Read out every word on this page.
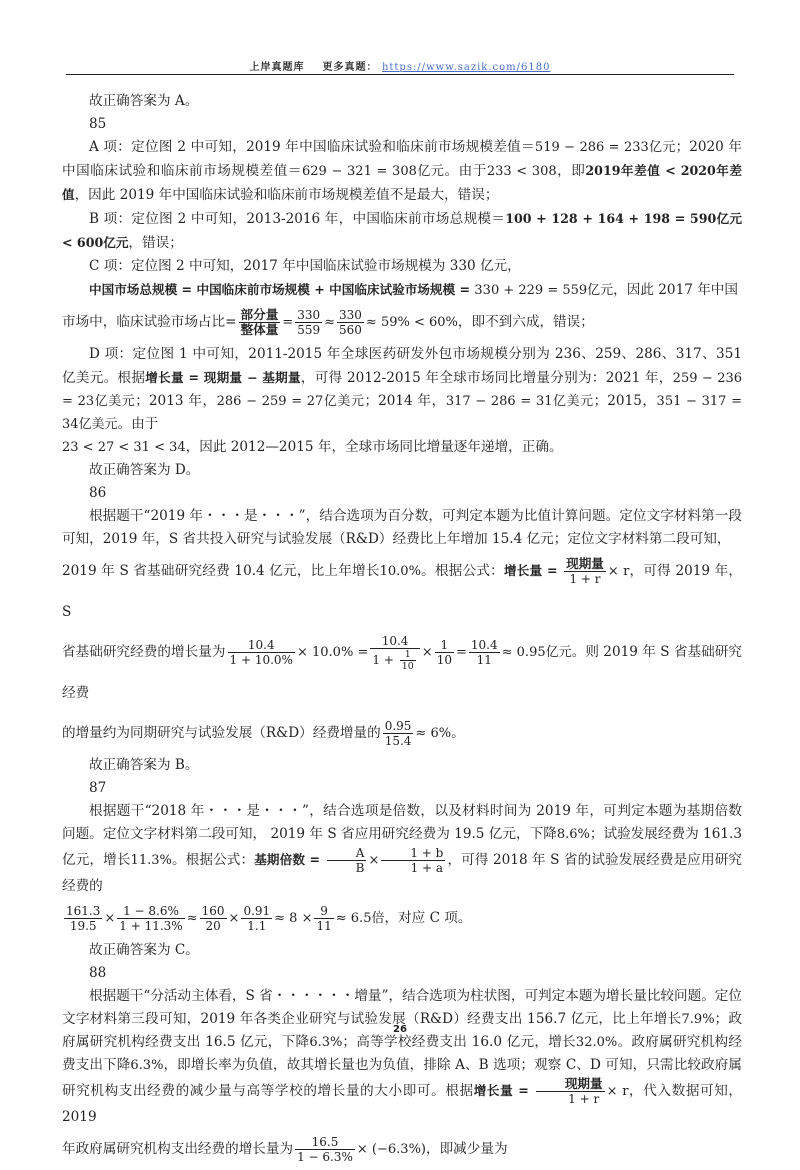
上岸真题库 更多真题： https://www.sazik.com/6180

故正确答案为 A。

85

A 项：定位图 2 中可知，2019 年中国临床试验和临床前市场规模差值＝519 − 286 = 233亿元；2020 年中国临床试验和临床前市场规模差值＝629 − 321 = 308亿元。由于233 < 308，即2019年差值 < 2020年差值，因此 2019 年中国临床试验和临床前市场规模差值不是最大，错误；

B 项：定位图 2 中可知，2013-2016 年，中国临床前市场总规模＝100 + 128 + 164 + 198 = 590亿元 < 600亿元，错误；

C 项：定位图 2 中可知，2017 年中国临床试验市场规模为 330 亿元，

中国市场总规模 = 中国临床前市场规模 + 中国临床试验市场规模 = 330 + 229 = 559亿元，因此 2017 年中国

市场中，临床试验市场占比= $\frac{\text{部分量}}{\text{整体量}} = \frac{330}{559} \approx \frac{330}{560} \approx 59\% < 60\%$，即不到六成，错误；

D 项：定位图 1 中可知，2011-2015 年全球医药研发外包市场规模分别为 236、259、286、317、351 亿美元。根据增长量 = 现期量 − 基期量，可得 2012-2015 年全球市场同比增量分别为：2021 年，259 − 236 = 23亿美元；2013 年，286 − 259 = 27亿美元；2014 年，317 − 286 = 31亿美元；2015，351 − 317 = 34亿美元。由于
23 < 27 < 31 < 34，因此 2012—2015 年，全球市场同比增量逐年递增，正确。

故正确答案为 D。

86

根据题干“2019 年・・・是・・・”，结合选项为百分数，可判定本题为比值计算问题。定位文字材料第一段可知，2019 年，S 省共投入研究与试验发展（R&D）经费比上年增加 15.4 亿元；定位文字材料第二段可知，

2019 年 S 省基础研究经费 10.4 亿元，比上年增长10.0%。根据公式：增长量 = $\frac{\text{现期量}}{1 + r} \times r$，可得 2019 年，S

省基础研究经费的增长量为 $\frac{10.4}{1 + 10.0\%} \times 10.0\% = \frac{10.4}{1 + \frac{1}{10}} \times \frac{1}{10} = \frac{10.4}{11} \approx 0.95$亿元。则 2019 年 S 省基础研究经费

的增量约为同期研究与试验发展（R&D）经费增量的 $\frac{0.95}{15.4} \approx 6\%$。

故正确答案为 B。

87

根据题干“2018 年・・・是・・・”，结合选项是倍数，以及材料时间为 2019 年，可判定本题为基期倍数问题。定位文字材料第二段可知， 2019 年 S 省应用研究经费为 19.5 亿元，下降8.6%；试验发展经费为 161.3 亿元，增长11.3%。根据公式：基期倍数 = $\frac{A}{B} \times \frac{1 + b}{1 + a}$ ，可得 2018 年 S 省的试验发展经费是应用研究经费的

$\frac{161.3}{19.5} \times \frac{1 - 8.6\%}{1 + 11.3\%} \approx \frac{160}{20} \times \frac{0.91}{1.1} \approx 8 \times \frac{9}{11} \approx 6.5$倍，对应 C 项。

故正确答案为 C。

88

根据题干“分活动主体看，S 省・・・・・・增量”，结合选项为柱状图，可判定本题为增长量比较问题。定位文字材料第三段可知，2019 年各类企业研究与试验发展（R&D）经费支出 156.7 亿元，比上年增长7.9%；政府属研究机构经费支出 16.5 亿元，下降6.3%；高等学校经费支出 16.0 亿元，增长32.0%。政府属研究机构经费支出下降6.3%，即增长率为负值，故其增长量也为负值，排除 A、B 选项；观察 C、D 可知，只需比较政府属研究机构支出经费的减少量与高等学校的增长量的大小即可。根据增长量 = $\frac{\text{现期量}}{1 + r} \times r$，代入数据可知，2019

年政府属研究机构支出经费的增长量为 $\frac{16.5}{1 - 6.3\%} \times (-6.3\%)$，即减少量为

26
